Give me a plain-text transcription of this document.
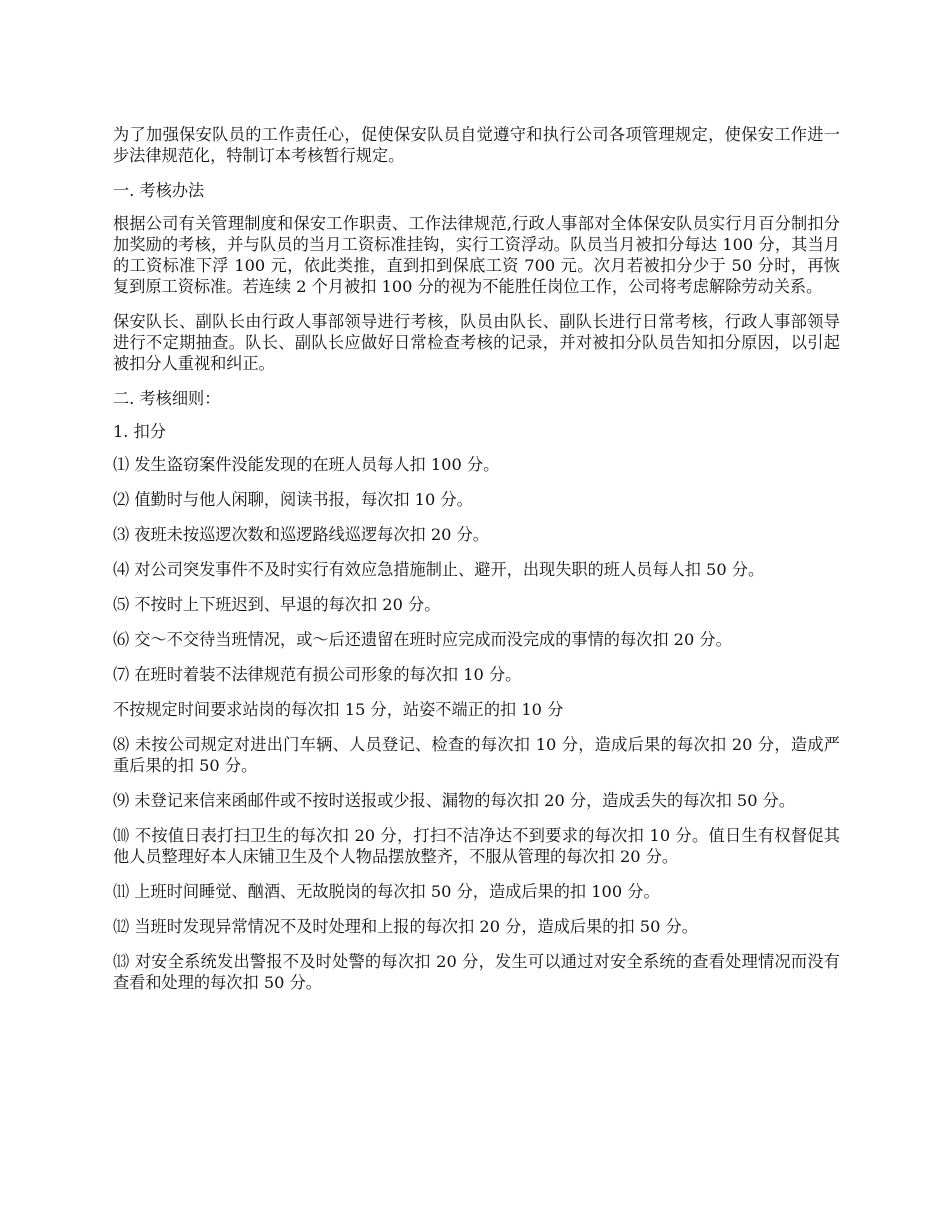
为了加强保安队员的工作责任心，促使保安队员自觉遵守和执行公司各项管理规定，使保安工作进一步法律规范化，特制订本考核暂行规定。

一. 考核办法

根据公司有关管理制度和保安工作职责、工作法律规范,行政人事部对全体保安队员实行月百分制扣分加奖励的考核，并与队员的当月工资标准挂钩，实行工资浮动。队员当月被扣分每达 100 分，其当月的工资标准下浮 100 元，依此类推，直到扣到保底工资 700 元。次月若被扣分少于 50 分时，再恢复到原工资标准。若连续 2 个月被扣 100 分的视为不能胜任岗位工作，公司将考虑解除劳动关系。

保安队长、副队长由行政人事部领导进行考核，队员由队长、副队长进行日常考核，行政人事部领导进行不定期抽查。队长、副队长应做好日常检查考核的记录，并对被扣分队员告知扣分原因，以引起被扣分人重视和纠正。

二. 考核细则：

1. 扣分

⑴ 发生盗窃案件没能发现的在班人员每人扣 100 分。

⑵ 值勤时与他人闲聊，阅读书报，每次扣 10 分。

⑶ 夜班未按巡逻次数和巡逻路线巡逻每次扣 20 分。

⑷ 对公司突发事件不及时实行有效应急措施制止、避开，出现失职的班人员每人扣 50 分。

⑸ 不按时上下班迟到、早退的每次扣 20 分。

⑹ 交～不交待当班情况，或～后还遗留在班时应完成而没完成的事情的每次扣 20 分。

⑺ 在班时着装不法律规范有损公司形象的每次扣 10 分。

不按规定时间要求站岗的每次扣 15 分，站姿不端正的扣 10 分

⑻ 未按公司规定对进出门车辆、人员登记、检查的每次扣 10 分，造成后果的每次扣 20 分，造成严重后果的扣 50 分。

⑼ 未登记来信来函邮件或不按时送报或少报、漏物的每次扣 20 分，造成丢失的每次扣 50 分。

⑽ 不按值日表打扫卫生的每次扣 20 分，打扫不洁净达不到要求的每次扣 10 分。值日生有权督促其他人员整理好本人床铺卫生及个人物品摆放整齐，不服从管理的每次扣 20 分。

⑾ 上班时间睡觉、酗酒、无故脱岗的每次扣 50 分，造成后果的扣 100 分。

⑿ 当班时发现异常情况不及时处理和上报的每次扣 20 分，造成后果的扣 50 分。

⒀ 对安全系统发出警报不及时处警的每次扣 20 分，发生可以通过对安全系统的查看处理情况而没有查看和处理的每次扣 50 分。
